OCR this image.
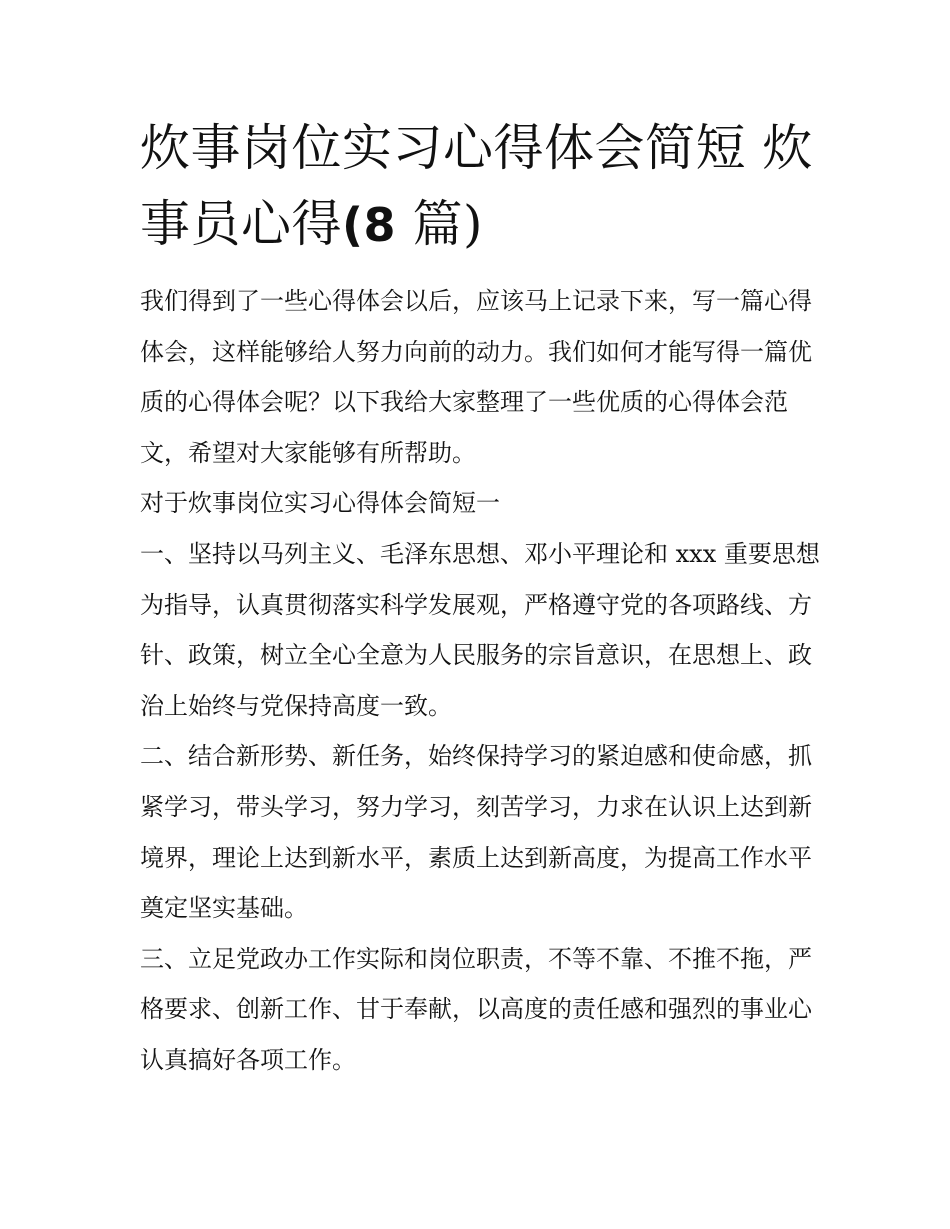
炊事岗位实习心得体会简短 炊事员心得(8 篇)

我们得到了一些心得体会以后，应该马上记录下来，写一篇心得体会，这样能够给人努力向前的动力。我们如何才能写得一篇优质的心得体会呢？以下我给大家整理了一些优质的心得体会范文，希望对大家能够有所帮助。

对于炊事岗位实习心得体会简短一

一、坚持以马列主义、毛泽东思想、邓小平理论和 xxx 重要思想为指导，认真贯彻落实科学发展观，严格遵守党的各项路线、方针、政策，树立全心全意为人民服务的宗旨意识，在思想上、政治上始终与党保持高度一致。

二、结合新形势、新任务，始终保持学习的紧迫感和使命感，抓紧学习，带头学习，努力学习，刻苦学习，力求在认识上达到新境界，理论上达到新水平，素质上达到新高度，为提高工作水平奠定坚实基础。

三、立足党政办工作实际和岗位职责，不等不靠、不推不拖，严格要求、创新工作、甘于奉献，以高度的责任感和强烈的事业心认真搞好各项工作。
